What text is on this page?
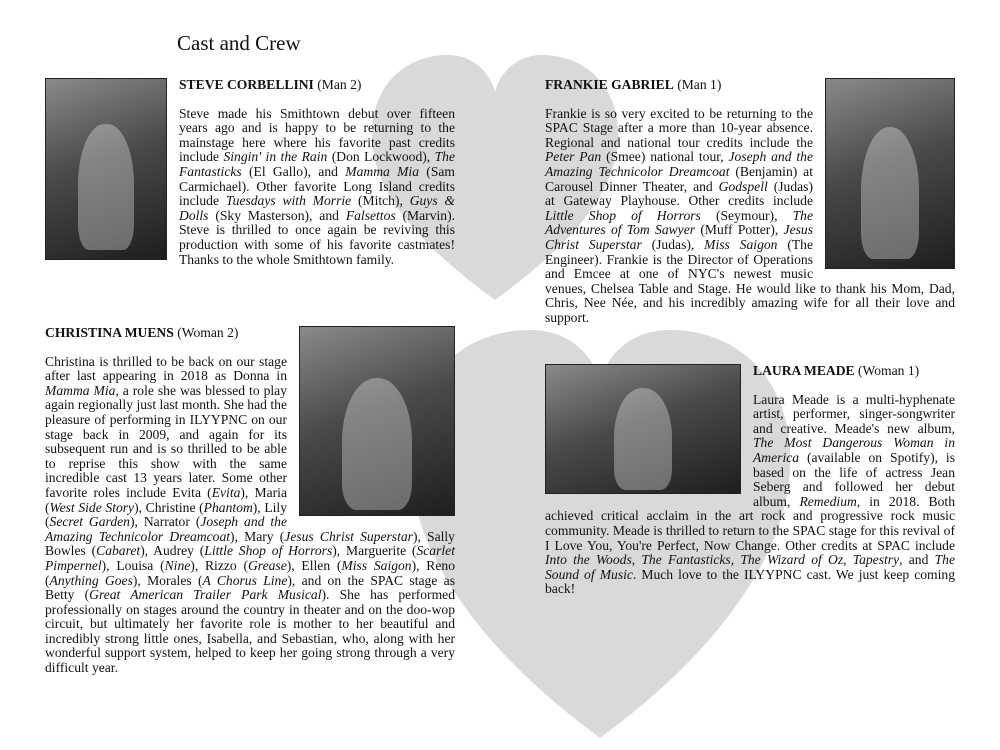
Cast and Crew

STEVE CORBELLINI (Man 2)

Steve made his Smithtown debut over fifteen years ago and is happy to be returning to the mainstage here where his favorite past credits include Singin' in the Rain (Don Lockwood), The Fantasticks (El Gallo), and Mamma Mia (Sam Carmichael). Other favorite Long Island credits include Tuesdays with Morrie (Mitch), Guys & Dolls (Sky Masterson), and Falsettos (Marvin). Steve is thrilled to once again be reviving this production with some of his favorite castmates! Thanks to the whole Smithtown family.

FRANKIE GABRIEL (Man 1)

Frankie is so very excited to be returning to the SPAC Stage after a more than 10-year absence. Regional and national tour credits include the Peter Pan (Smee) national tour, Joseph and the Amazing Technicolor Dreamcoat (Benjamin) at Carousel Dinner Theater, and Godspell (Judas) at Gateway Playhouse. Other credits include Little Shop of Horrors (Seymour), The Adventures of Tom Sawyer (Muff Potter), Jesus Christ Superstar (Judas), Miss Saigon (The Engineer). Frankie is the Director of Operations and Emcee at one of NYC's newest music venues, Chelsea Table and Stage. He would like to thank his Mom, Dad, Chris, Nee Née, and his incredibly amazing wife for all their love and support.

CHRISTINA MUENS (Woman 2)

Christina is thrilled to be back on our stage after last appearing in 2018 as Donna in Mamma Mia, a role she was blessed to play again regionally just last month. She had the pleasure of performing in ILYYPNC on our stage back in 2009, and again for its subsequent run and is so thrilled to be able to reprise this show with the same incredible cast 13 years later. Some other favorite roles include Evita (Evita), Maria (West Side Story), Christine (Phantom), Lily (Secret Garden), Narrator (Joseph and the Amazing Technicolor Dreamcoat), Mary (Jesus Christ Superstar), Sally Bowles (Cabaret), Audrey (Little Shop of Horrors), Marguerite (Scarlet Pimpernel), Louisa (Nine), Rizzo (Grease), Ellen (Miss Saigon), Reno (Anything Goes), Morales (A Chorus Line), and on the SPAC stage as Betty (Great American Trailer Park Musical). She has performed professionally on stages around the country in theater and on the doo-wop circuit, but ultimately her favorite role is mother to her beautiful and incredibly strong little ones, Isabella, and Sebastian, who, along with her wonderful support system, helped to keep her going strong through a very difficult year.

LAURA MEADE (Woman 1)

Laura Meade is a multi-hyphenate artist, performer, singer-songwriter and creative. Meade's new album, The Most Dangerous Woman in America (available on Spotify), is based on the life of actress Jean Seberg and followed her debut album, Remedium, in 2018. Both achieved critical acclaim in the art rock and progressive rock music community. Meade is thrilled to return to the SPAC stage for this revival of I Love You, You're Perfect, Now Change. Other credits at SPAC include Into the Woods, The Fantasticks, The Wizard of Oz, Tapestry, and The Sound of Music. Much love to the ILYYPNC cast. We just keep coming back!
